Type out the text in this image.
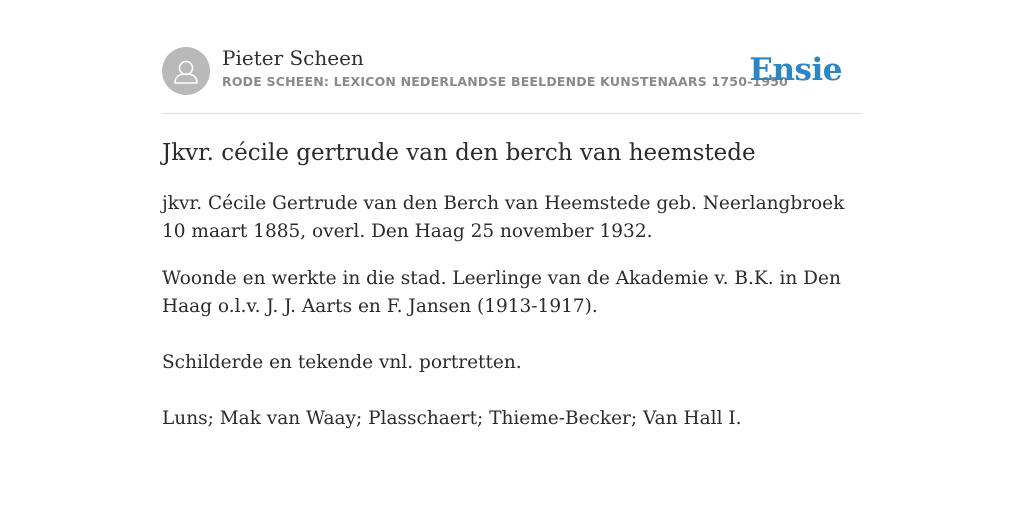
Pieter Scheen
RODE SCHEEN: LEXICON NEDERLANDSE BEELDENDE KUNSTENAARS 1750-1950
Ensie
Jkvr. cécile gertrude van den berch van heemstede

jkvr. Cécile Gertrude van den Berch van Heemstede geb. Neerlangbroek 10 maart 1885, overl. Den Haag 25 november 1932.

Woonde en werkte in die stad. Leerlinge van de Akademie v. B.K. in Den Haag o.l.v. J. J. Aarts en F. Jansen (1913-1917).

Schilderde en tekende vnl. portretten.

Luns; Mak van Waay; Plasschaert; Thieme-Becker; Van Hall I.
